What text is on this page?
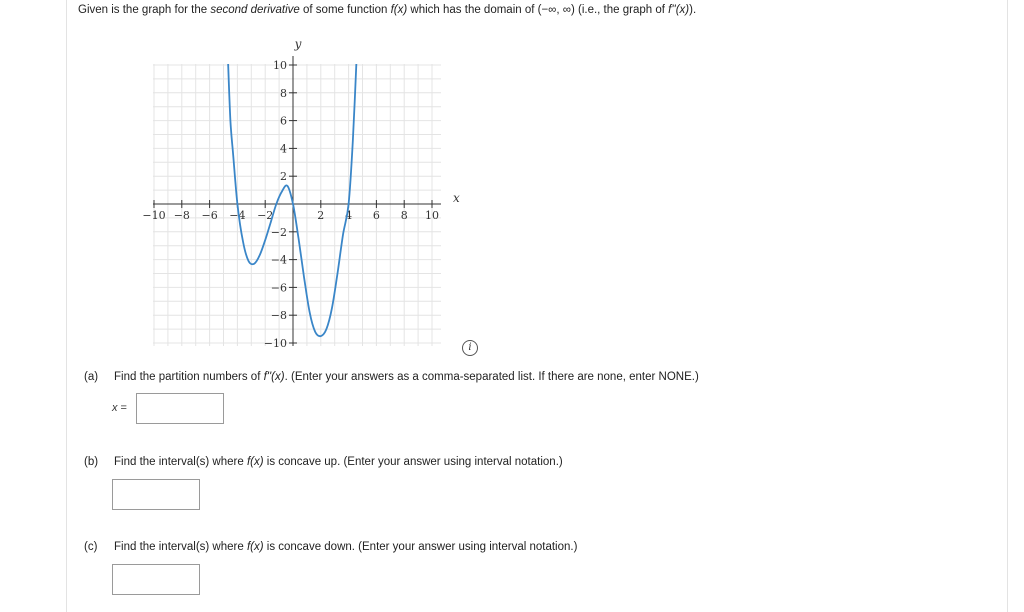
Given is the graph for the second derivative of some function f(x) which has the domain of (−∞, ∞) (i.e., the graph of f''(x)).
−10 −8 −6 −4 −2	2 4 6 8 10
10
8
6
4
2
−2
−4
−6
−8
−10
x
y
i
(a) Find the partition numbers of f''(x). (Enter your answers as a comma-separated list. If there are none, enter NONE.)
x =
(b) Find the interval(s) where f(x) is concave up. (Enter your answer using interval notation.)
(c) Find the interval(s) where f(x) is concave down. (Enter your answer using interval notation.)
